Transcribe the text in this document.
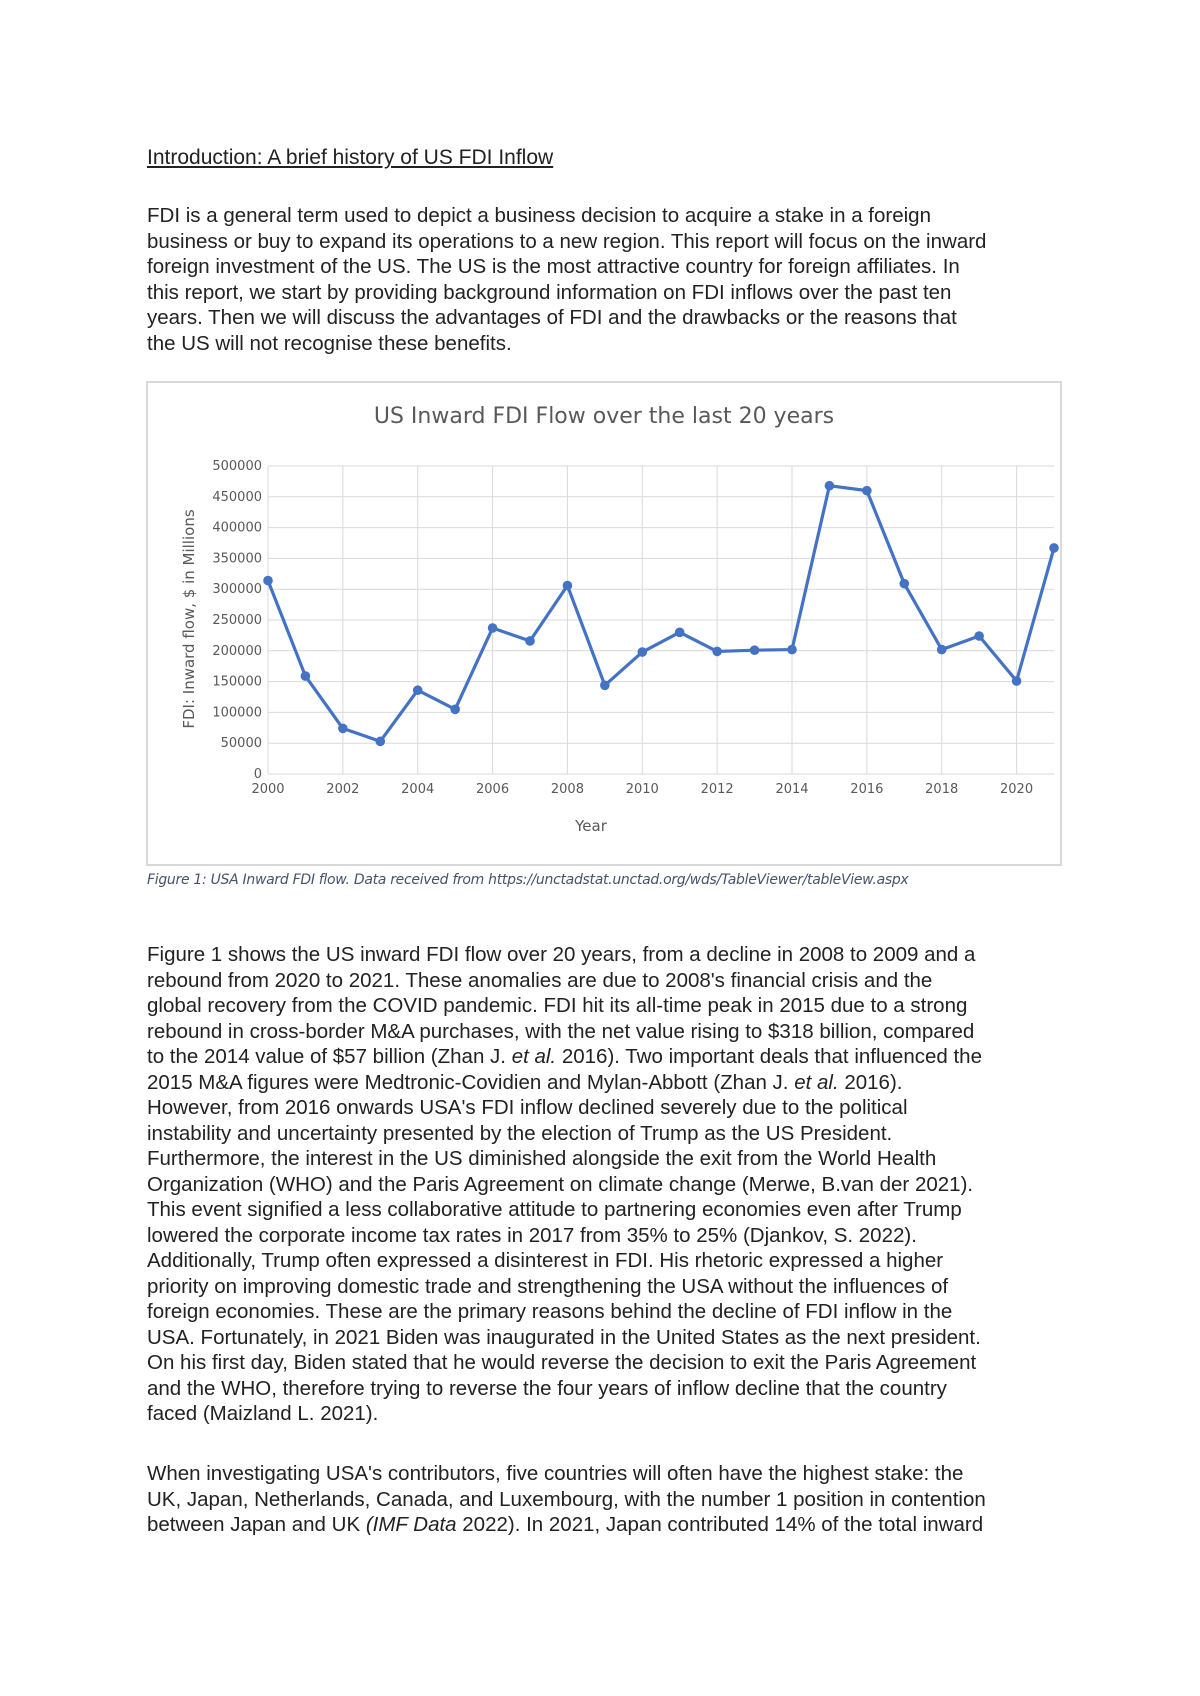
Introduction: A brief history of US FDI Inflow

FDI is a general term used to depict a business decision to acquire a stake in a foreign
business or buy to expand its operations to a new region. This report will focus on the inward
foreign investment of the US. The US is the most attractive country for foreign affiliates. In
this report, we start by providing background information on FDI inflows over the past ten
years. Then we will discuss the advantages of FDI and the drawbacks or the reasons that
the US will not recognise these benefits.

US Inward FDI Flow over the last 20 years
0
50000
100000
150000
200000
250000
300000
350000
400000
450000
500000
2000	2002	2004	2006	2008	2010	2012	2014	2016	2018	2020
Year
FDI: Inward flow, $ in Millions

Figure 1: USA Inward FDI flow. Data received from https://unctadstat.unctad.org/wds/TableViewer/tableView.aspx

Figure 1 shows the US inward FDI flow over 20 years, from a decline in 2008 to 2009 and a
rebound from 2020 to 2021. These anomalies are due to 2008's financial crisis and the
global recovery from the COVID pandemic. FDI hit its all-time peak in 2015 due to a strong
rebound in cross-border M&A purchases, with the net value rising to $318 billion, compared
to the 2014 value of $57 billion (Zhan J. et al. 2016). Two important deals that influenced the
2015 M&A figures were Medtronic-Covidien and Mylan-Abbott (Zhan J. et al. 2016).
However, from 2016 onwards USA's FDI inflow declined severely due to the political
instability and uncertainty presented by the election of Trump as the US President.
Furthermore, the interest in the US diminished alongside the exit from the World Health
Organization (WHO) and the Paris Agreement on climate change (Merwe, B.van der 2021).
This event signified a less collaborative attitude to partnering economies even after Trump
lowered the corporate income tax rates in 2017 from 35% to 25% (Djankov, S. 2022).
Additionally, Trump often expressed a disinterest in FDI. His rhetoric expressed a higher
priority on improving domestic trade and strengthening the USA without the influences of
foreign economies. These are the primary reasons behind the decline of FDI inflow in the
USA. Fortunately, in 2021 Biden was inaugurated in the United States as the next president.
On his first day, Biden stated that he would reverse the decision to exit the Paris Agreement
and the WHO, therefore trying to reverse the four years of inflow decline that the country
faced (Maizland L. 2021).

When investigating USA's contributors, five countries will often have the highest stake: the
UK, Japan, Netherlands, Canada, and Luxembourg, with the number 1 position in contention
between Japan and UK (IMF Data 2022). In 2021, Japan contributed 14% of the total inward
